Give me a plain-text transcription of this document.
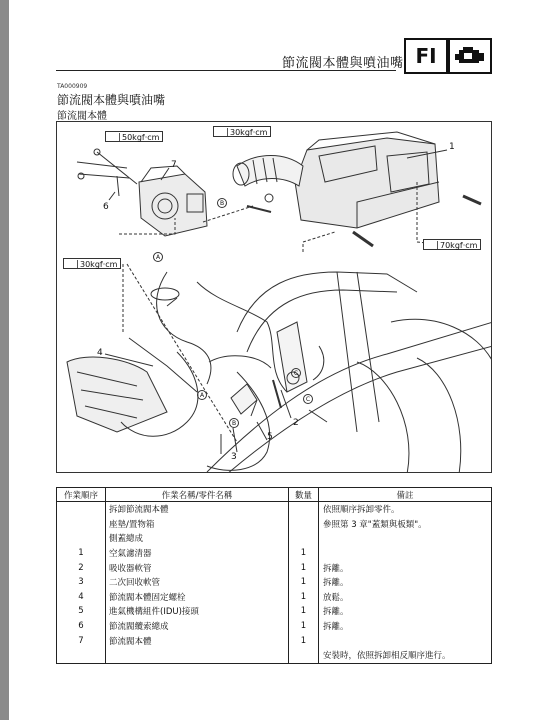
節流閥本體與噴油嘴 FI
TA000909
節流閥本體與噴油嘴
節流閥本體
50kgf·cm
30kgf·cm
30kgf·cm
70kgf·cm
1
7
6
4
2
5
3
B
A
A
B
C
C
作業順序	作業名稱/零件名稱	數量	備註
	拆卸節流閥本體		依照順序拆卸零件。
	座墊/置物箱		參照第 3 章"蓋類與板類"。
	側蓋總成		
1	空氣濾清器	1	
2	吸收器軟管	1	拆離。
3	二次回收軟管	1	拆離。
4	節流閥本體固定螺栓	1	放鬆。
5	進氣機構組件(IDU)接頭	1	拆離。
6	節流閥纜索總成	1	拆離。
7	節流閥本體	1	
			安裝時，依照拆卸相反順序進行。
